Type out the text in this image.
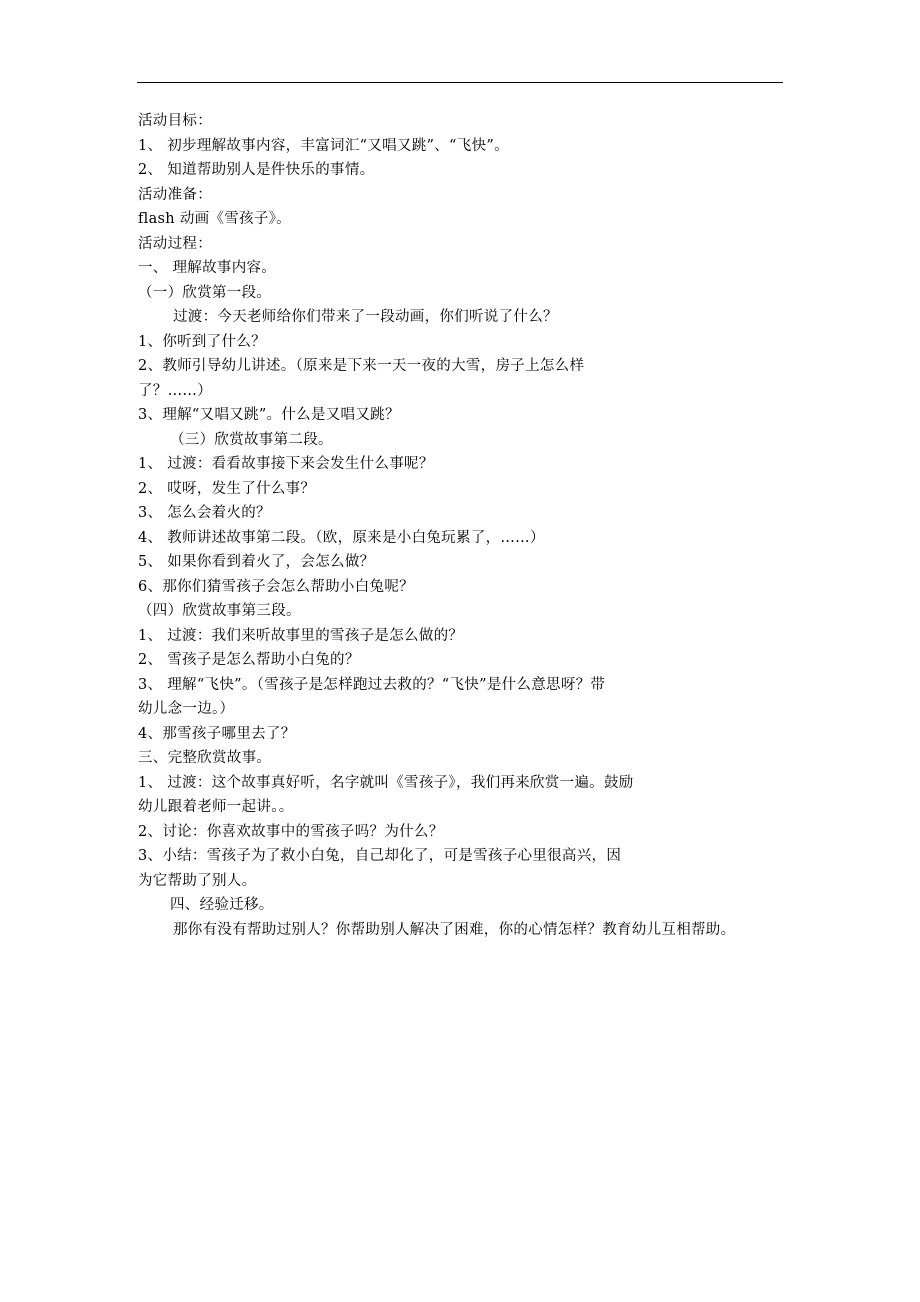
活动目标：
1、 初步理解故事内容，丰富词汇“又唱又跳”、“飞快”。
2、 知道帮助别人是件快乐的事情。
活动准备：
flash 动画《雪孩子》。
活动过程：
一、 理解故事内容。
（一）欣赏第一段。
过渡：今天老师给你们带来了一段动画，你们听说了什么？
1、你听到了什么？
2、教师引导幼儿讲述。（原来是下来一天一夜的大雪，房子上怎么样
了？……）
3、理解“又唱又跳”。什么是又唱又跳？
（三）欣赏故事第二段。
1、 过渡：看看故事接下来会发生什么事呢？
2、 哎呀，发生了什么事？
3、 怎么会着火的？
4、 教师讲述故事第二段。（欧，原来是小白兔玩累了，……）
5、 如果你看到着火了，会怎么做？
6、那你们猜雪孩子会怎么帮助小白兔呢？
（四）欣赏故事第三段。
1、 过渡：我们来听故事里的雪孩子是怎么做的？
2、 雪孩子是怎么帮助小白兔的？
3、 理解“飞快”。（雪孩子是怎样跑过去救的？“飞快”是什么意思呀？带
幼儿念一边。）
4、那雪孩子哪里去了？
三、完整欣赏故事。
1、 过渡：这个故事真好听，名字就叫《雪孩子》，我们再来欣赏一遍。鼓励
幼儿跟着老师一起讲。。
2、讨论：你喜欢故事中的雪孩子吗？为什么？
3、小结：雪孩子为了救小白兔，自己却化了，可是雪孩子心里很高兴，因
为它帮助了别人。
四、经验迁移。
那你有没有帮助过别人？你帮助别人解决了困难，你的心情怎样？教育幼儿互相帮助。
